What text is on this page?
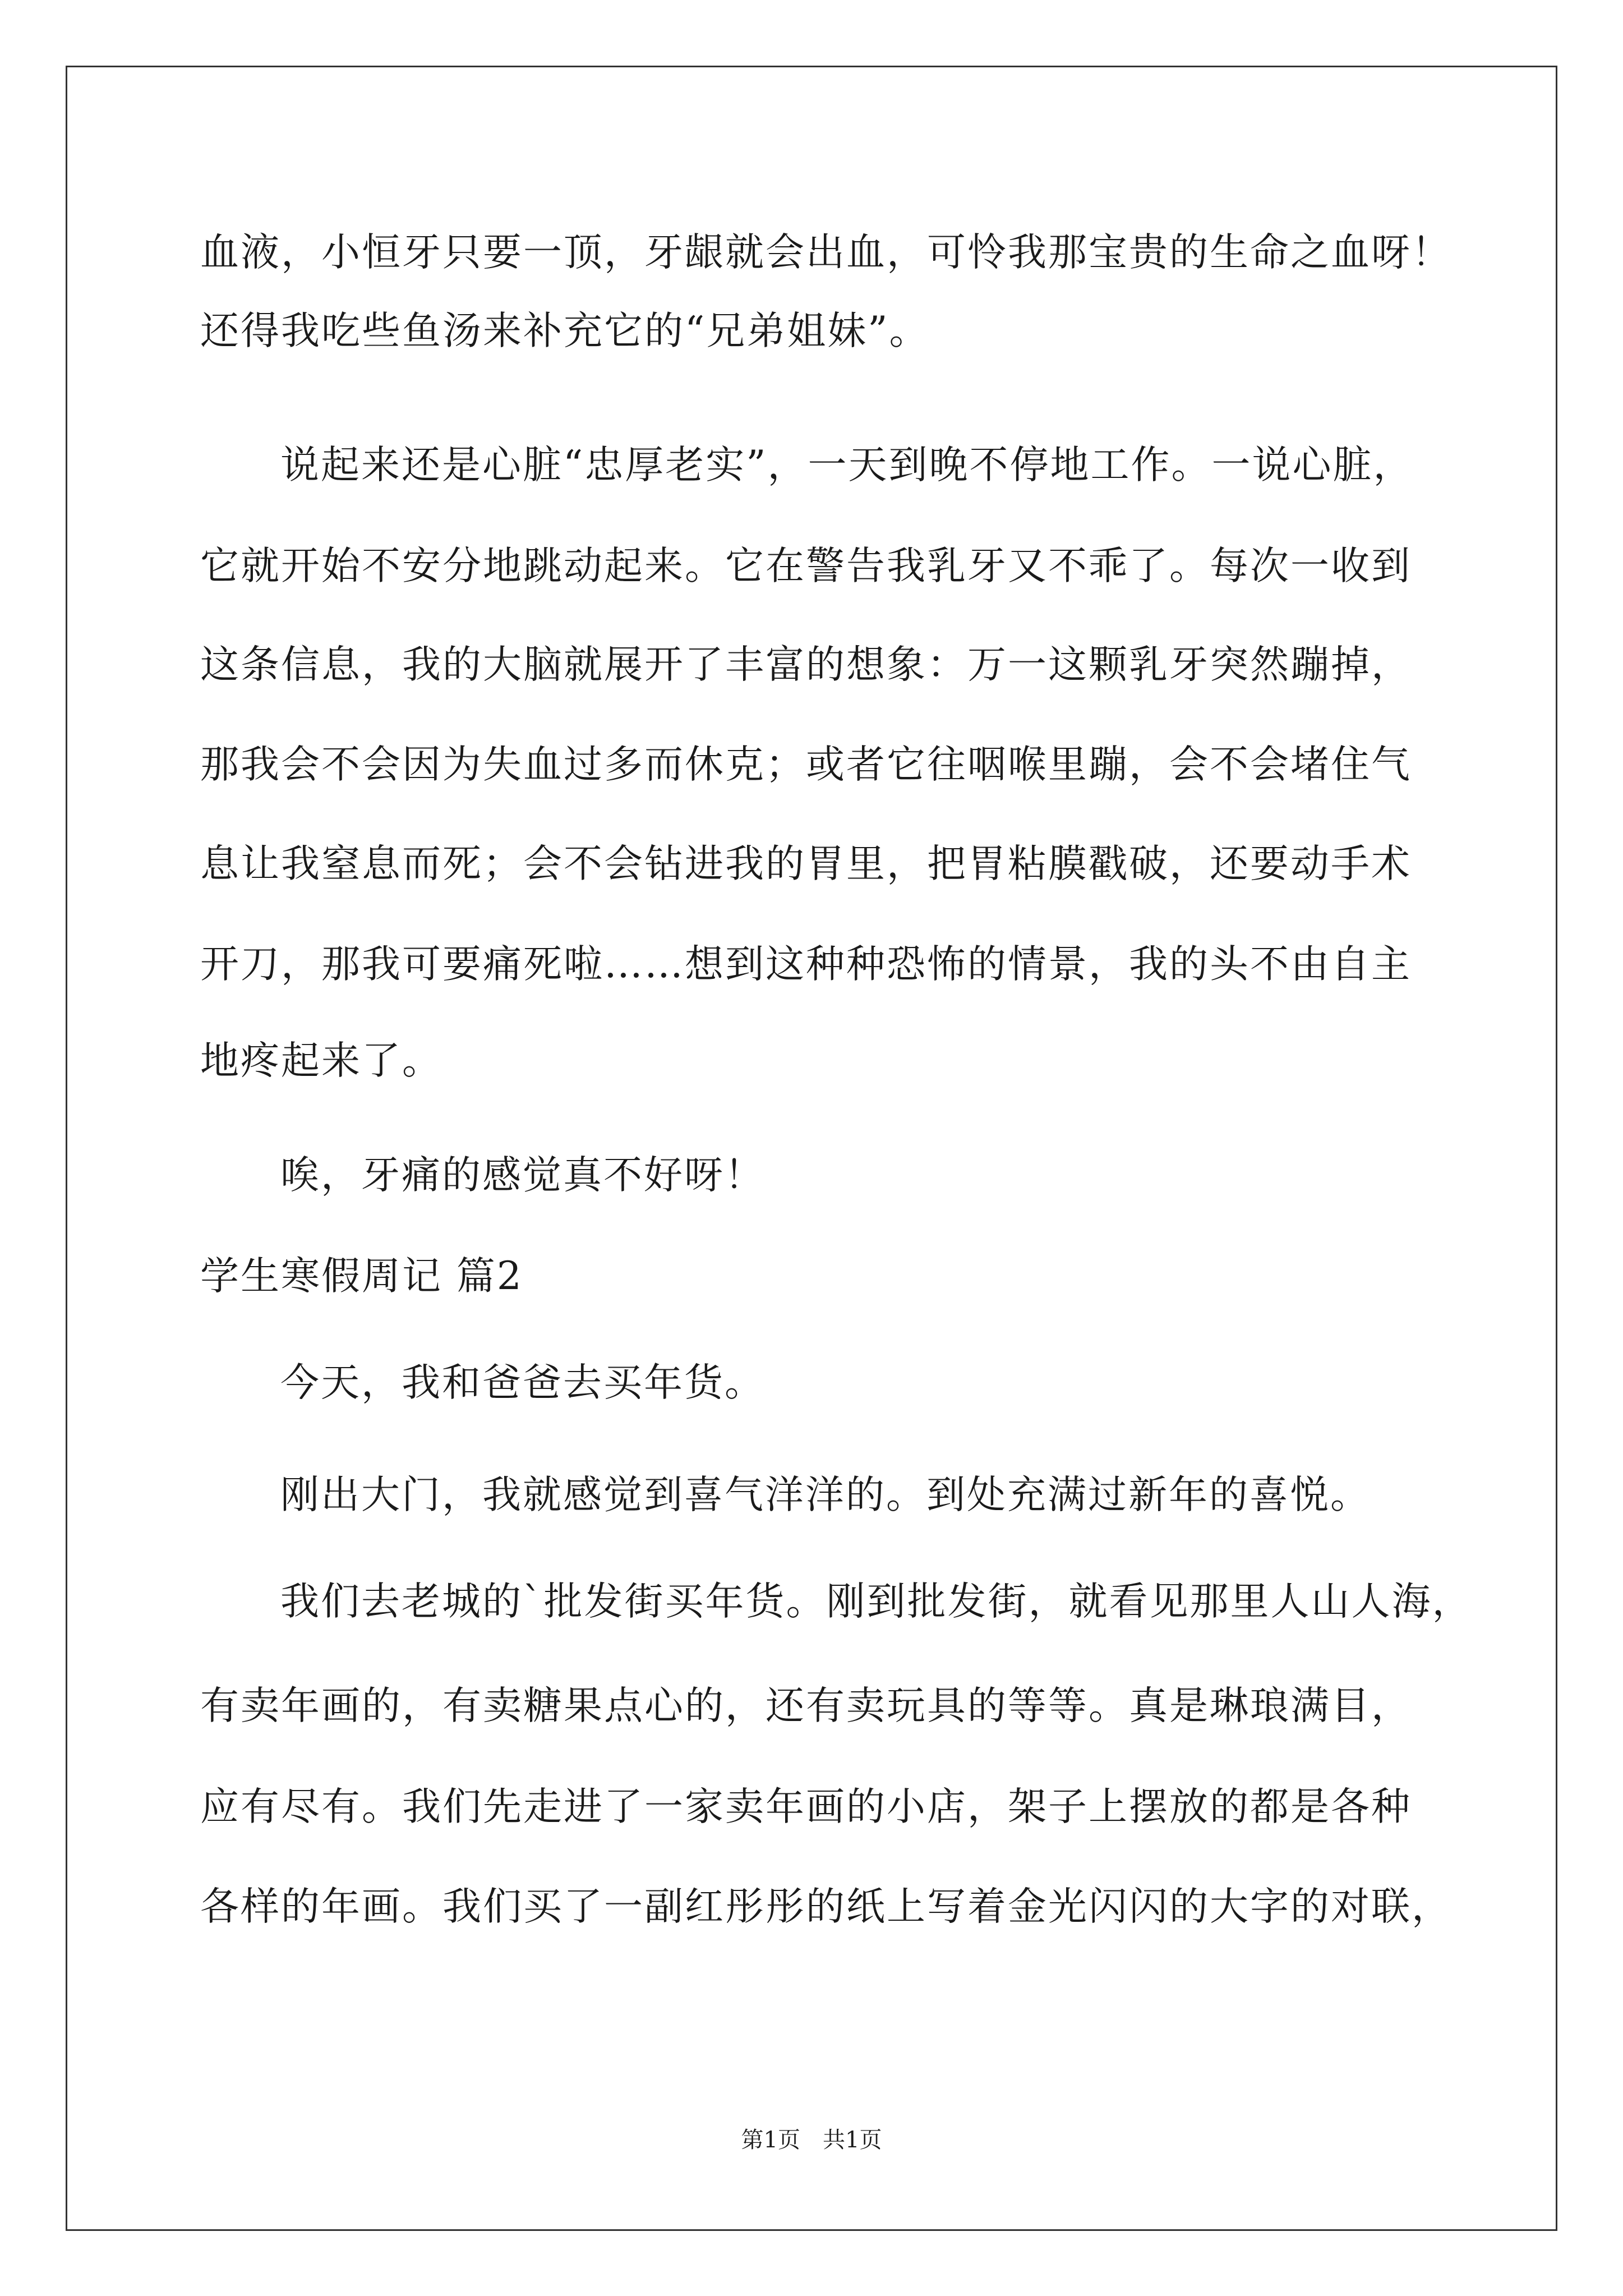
血液，小恒牙只要一顶，牙龈就会出血，可怜我那宝贵的生命之血呀！
还得我吃些鱼汤来补充它的“兄弟姐妹”。
说起来还是心脏“忠厚老实”，一天到晚不停地工作。一说心脏，
它就开始不安分地跳动起来。它在警告我乳牙又不乖了。每次一收到
这条信息，我的大脑就展开了丰富的想象：万一这颗乳牙突然蹦掉，
那我会不会因为失血过多而休克；或者它往咽喉里蹦，会不会堵住气
息让我窒息而死；会不会钻进我的胃里，把胃粘膜戳破，还要动手术
开刀，那我可要痛死啦……想到这种种恐怖的情景，我的头不由自主
地疼起来了。
唉，牙痛的感觉真不好呀！
学生寒假周记 篇2
今天，我和爸爸去买年货。
刚出大门，我就感觉到喜气洋洋的。到处充满过新年的喜悦。
我们去老城的`批发街买年货。刚到批发街，就看见那里人山人海，
有卖年画的，有卖糖果点心的，还有卖玩具的等等。真是琳琅满目，
应有尽有。我们先走进了一家卖年画的小店，架子上摆放的都是各种
各样的年画。我们买了一副红彤彤的纸上写着金光闪闪的大字的对联，
第1页 共1页
